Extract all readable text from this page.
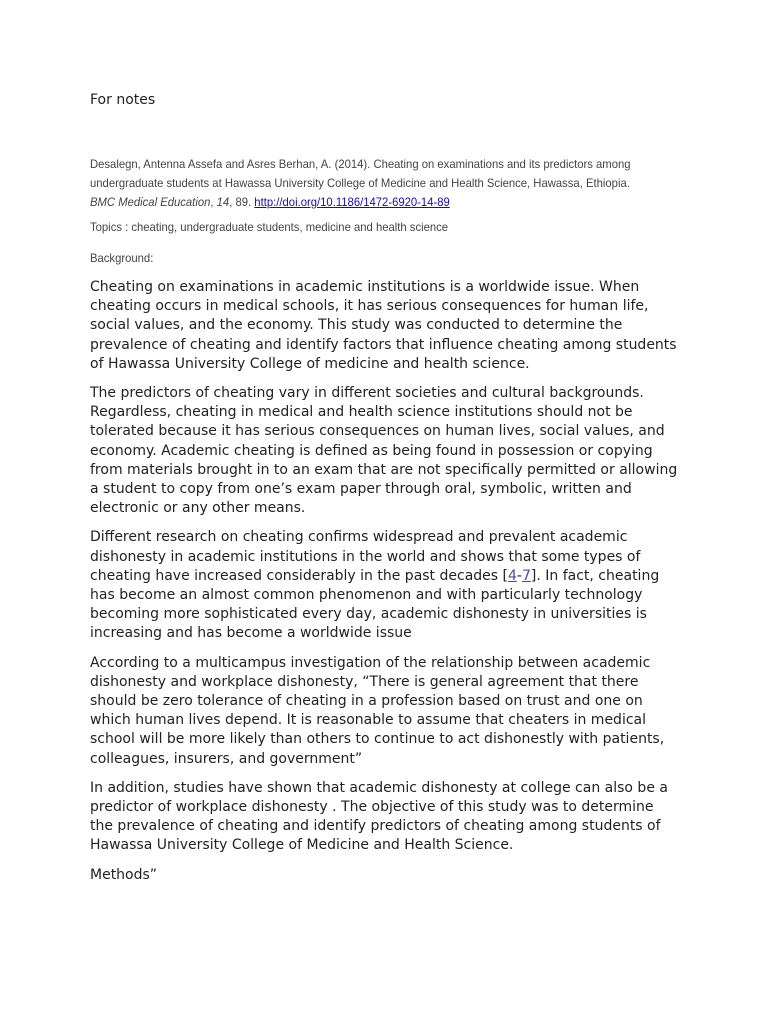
For notes
Desalegn, Antenna Assefa and Asres Berhan, A. (2014). Cheating on examinations and its predictors among undergraduate students at Hawassa University College of Medicine and Health Science, Hawassa, Ethiopia. BMC Medical Education, 14, 89. http://doi.org/10.1186/1472-6920-14-89
Topics : cheating, undergraduate students, medicine and health science
Background:

Cheating on examinations in academic institutions is a worldwide issue. When cheating occurs in medical schools, it has serious consequences for human life, social values, and the economy. This study was conducted to determine the prevalence of cheating and identify factors that influence cheating among students of Hawassa University College of medicine and health science.

The predictors of cheating vary in different societies and cultural backgrounds. Regardless, cheating in medical and health science institutions should not be tolerated because it has serious consequences on human lives, social values, and economy. Academic cheating is defined as being found in possession or copying from materials brought in to an exam that are not specifically permitted or allowing a student to copy from one’s exam paper through oral, symbolic, written and electronic or any other means.

Different research on cheating confirms widespread and prevalent academic dishonesty in academic institutions in the world and shows that some types of cheating have increased considerably in the past decades [4-7]. In fact, cheating has become an almost common phenomenon and with particularly technology becoming more sophisticated every day, academic dishonesty in universities is increasing and has become a worldwide issue

According to a multicampus investigation of the relationship between academic dishonesty and workplace dishonesty, “There is general agreement that there should be zero tolerance of cheating in a profession based on trust and one on which human lives depend. It is reasonable to assume that cheaters in medical school will be more likely than others to continue to act dishonestly with patients, colleagues, insurers, and government”

In addition, studies have shown that academic dishonesty at college can also be a predictor of workplace dishonesty . The objective of this study was to determine the prevalence of cheating and identify predictors of cheating among students of Hawassa University College of Medicine and Health Science.

Methods”
